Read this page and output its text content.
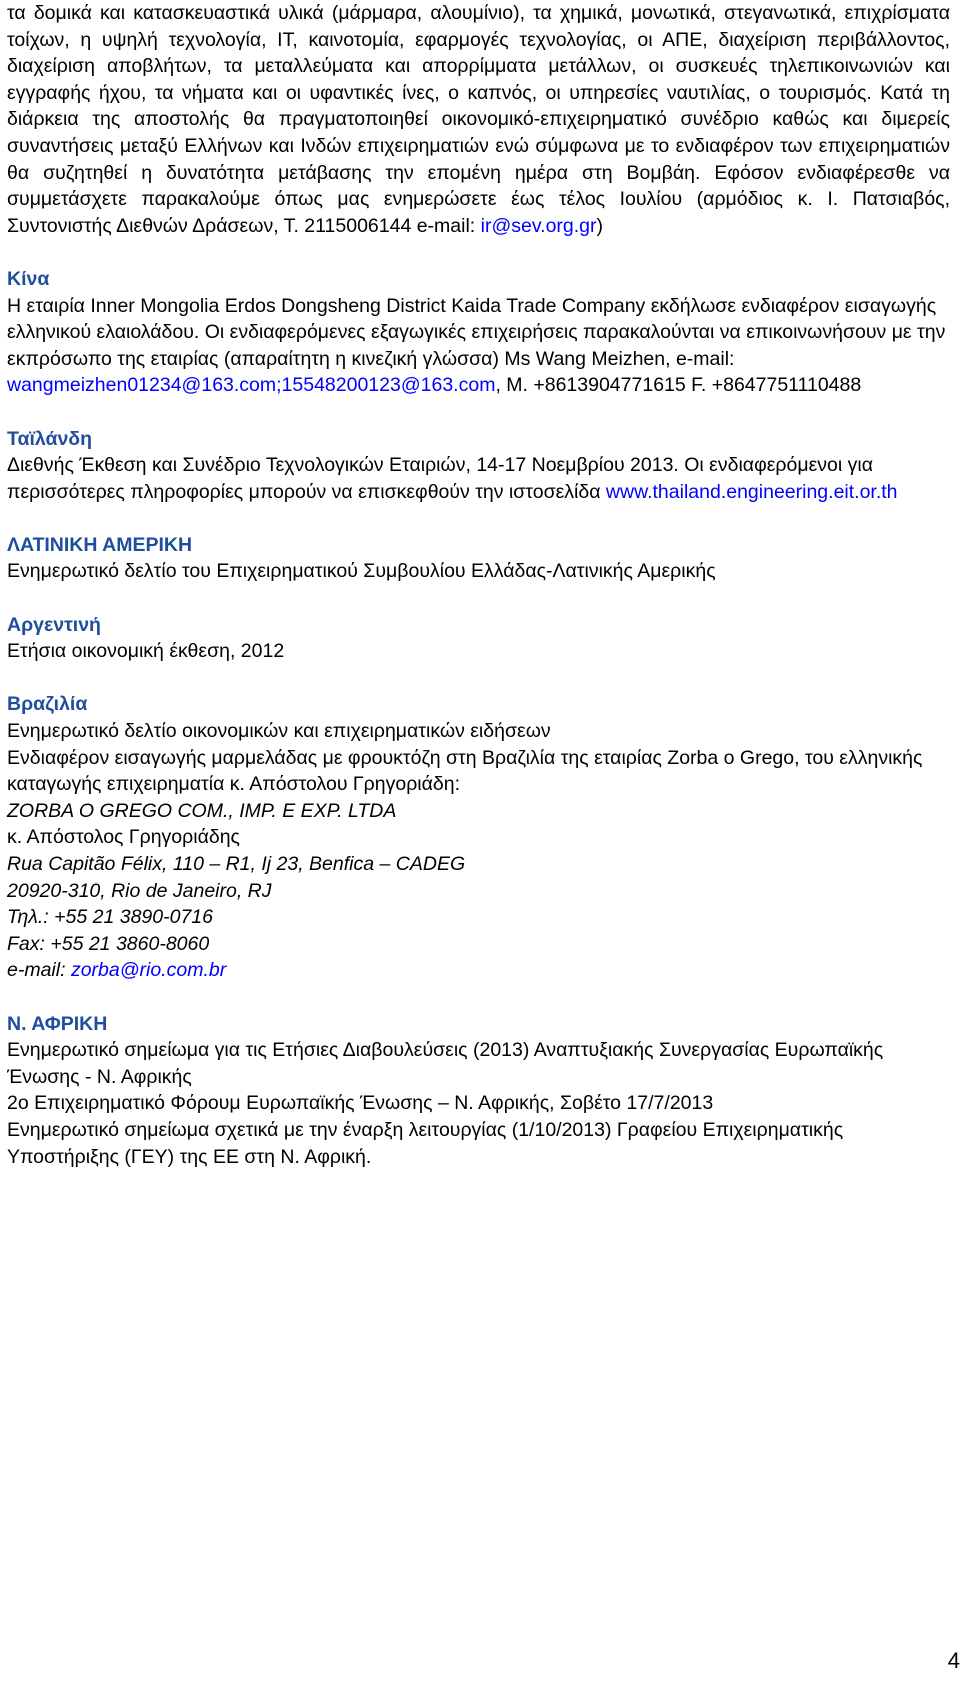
τα δομικά και κατασκευαστικά υλικά (μάρμαρα, αλουμίνιο), τα χημικά, μονωτικά, στεγανωτικά, επιχρίσματα τοίχων, η υψηλή τεχνολογία, IT, καινοτομία, εφαρμογές τεχνολογίας, οι ΑΠΕ, διαχείριση περιβάλλοντος, διαχείριση αποβλήτων, τα μεταλλεύματα και απορρίμματα μετάλλων, οι συσκευές τηλεπικοινωνιών και εγγραφής ήχου, τα νήματα και οι υφαντικές ίνες, ο καπνός, οι υπηρεσίες ναυτιλίας, ο τουρισμός. Κατά τη διάρκεια της αποστολής θα πραγματοποιηθεί οικονομικό-επιχειρηματικό συνέδριο καθώς και διμερείς συναντήσεις μεταξύ Ελλήνων και Ινδών επιχειρηματιών ενώ σύμφωνα με το ενδιαφέρον των επιχειρηματιών θα συζητηθεί η δυνατότητα μετάβασης την επομένη ημέρα στη Βομβάη. Εφόσον ενδιαφέρεσθε να συμμετάσχετε παρακαλούμε όπως μας ενημερώσετε έως τέλος Ιουλίου (αρμόδιος κ. Ι. Πατσιαβός, Συντονιστής Διεθνών Δράσεων, Τ. 2115006144 e-mail: ir@sev.org.gr)

Κίνα

Η εταιρία Inner Mongolia Erdos Dongsheng District Kaida Trade Company εκδήλωσε ενδιαφέρον εισαγωγής ελληνικού ελαιολάδου. Οι ενδιαφερόμενες εξαγωγικές επιχειρήσεις παρακαλούνται να επικοινωνήσουν με την εκπρόσωπο της εταιρίας (απαραίτητη η κινεζική γλώσσα) Ms Wang Meizhen, e-mail: wangmeizhen01234@163.com;15548200123@163.com, M. +8613904771615 F. +8647751110488

Ταϊλάνδη

Διεθνής Έκθεση και Συνέδριο Τεχνολογικών Εταιριών, 14-17 Νοεμβρίου 2013. Οι ενδιαφερόμενοι για περισσότερες πληροφορίες μπορούν να επισκεφθούν την ιστοσελίδα www.thailand.engineering.eit.or.th

ΛΑΤΙΝΙΚΗ ΑΜΕΡΙΚΗ

Ενημερωτικό δελτίο του Επιχειρηματικού Συμβουλίου Ελλάδας-Λατινικής Αμερικής

Αργεντινή

Ετήσια οικονομική έκθεση, 2012

Βραζιλία

Ενημερωτικό δελτίο οικονομικών και επιχειρηματικών ειδήσεων

Ενδιαφέρον εισαγωγής μαρμελάδας με φρουκτόζη στη Βραζιλία της εταιρίας Zorba o Grego, του ελληνικής καταγωγής επιχειρηματία κ. Απόστολου Γρηγοριάδη:

ZORBA O GREGO COM., IMP. E EXP. LTDA

κ. Απόστολος Γρηγοριάδης

Rua Capitão Félix, 110 – R1, Ij 23, Benfica – CADEG

20920-310, Rio de Janeiro, RJ

Τηλ.: +55 21 3890-0716

Fax: +55 21 3860-8060

e-mail: zorba@rio.com.br

Ν. ΑΦΡΙΚΗ

Ενημερωτικό σημείωμα για τις Ετήσιες Διαβουλεύσεις (2013) Αναπτυξιακής Συνεργασίας Ευρωπαϊκής Ένωσης - Ν. Αφρικής

2ο Επιχειρηματικό Φόρουμ Ευρωπαϊκής Ένωσης – Ν. Αφρικής, Σοβέτο 17/7/2013

Ενημερωτικό σημείωμα σχετικά με την έναρξη λειτουργίας (1/10/2013) Γραφείου Επιχειρηματικής Υποστήριξης (ΓΕΥ) της ΕΕ στη Ν. Αφρική.

4
